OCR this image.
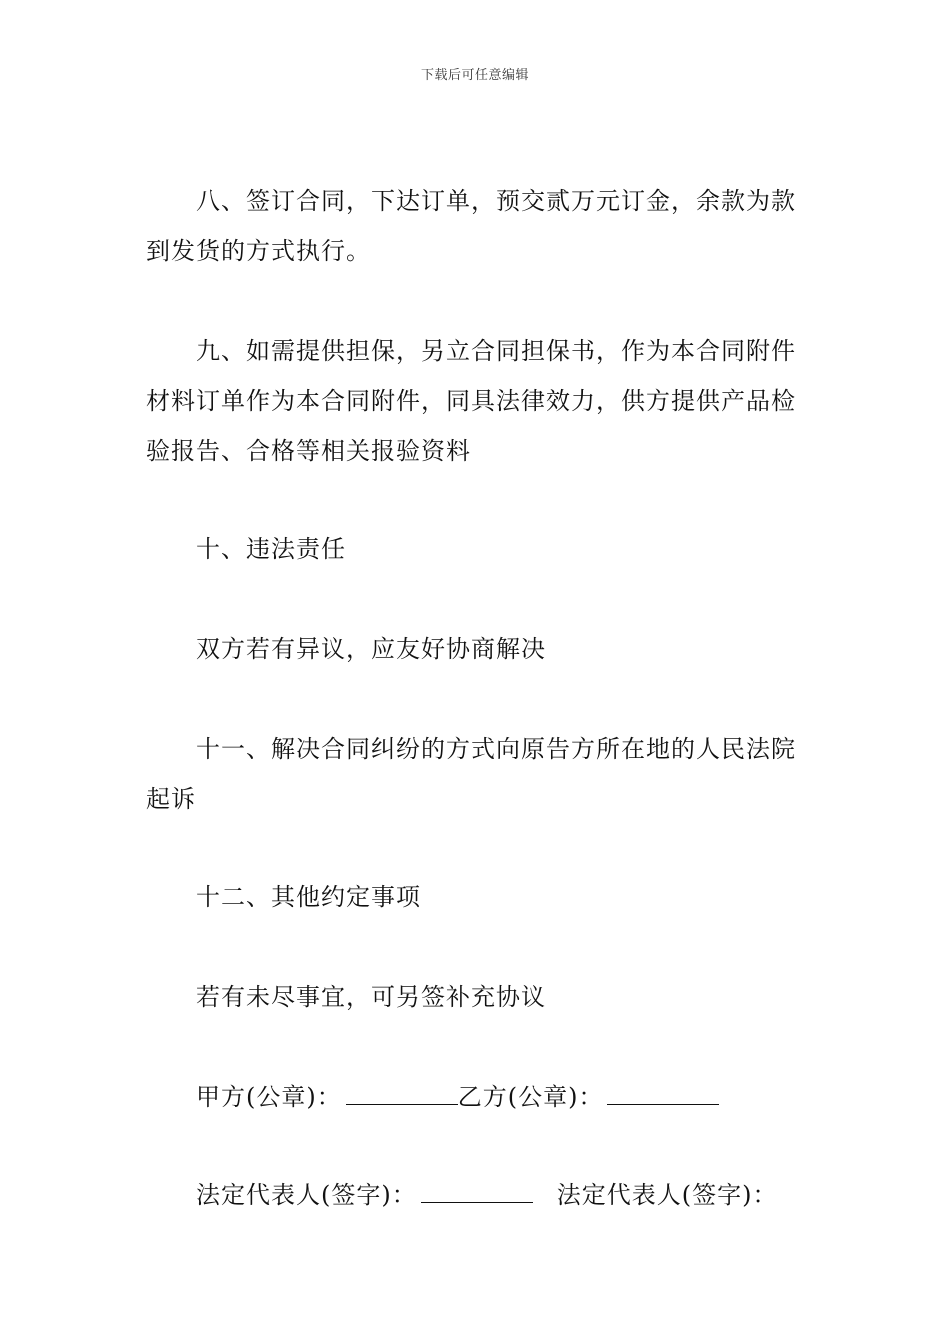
下载后可任意编辑

八、签订合同，下达订单，预交贰万元订金，余款为款到发货的方式执行。

九、如需提供担保，另立合同担保书，作为本合同附件材料订单作为本合同附件，同具法律效力，供方提供产品检验报告、合格等相关报验资料

十、违法责任

双方若有异议，应友好协商解决

十一、解决合同纠纷的方式向原告方所在地的人民法院起诉

十二、其他约定事项

若有未尽事宜，可另签补充协议

甲方(公章)：	乙方(公章)：

法定代表人(签字)：	法定代表人(签字)：
